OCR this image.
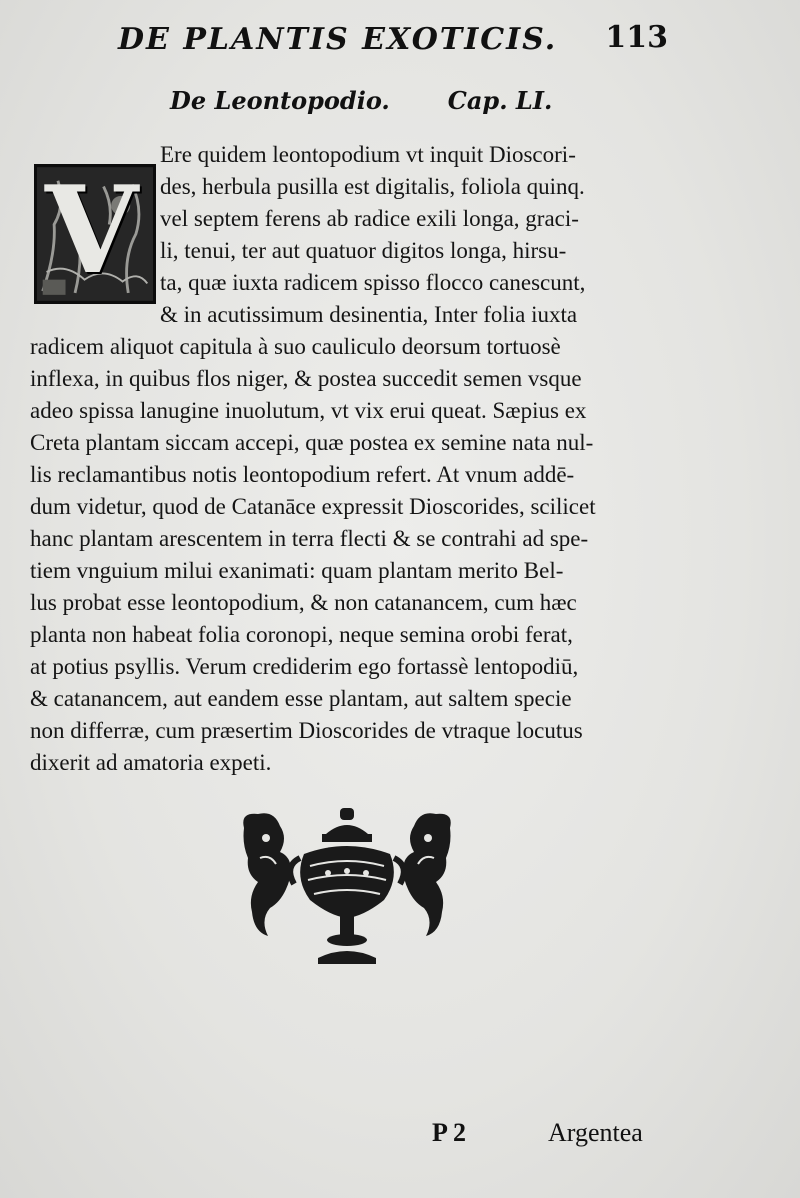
DE PLANTIS EXOTICIS. 113
De Leontopodio. Cap. LI.
V
Ere quidem leontopodium vt inquit Dioscori-
des, herbula pusilla est digitalis, foliola quinq.
vel septem ferens ab radice exili longa, graci-
li, tenui, ter aut quatuor digitos longa, hirsu-
ta, quæ iuxta radicem spisso flocco canescunt,
& in acutissimum desinentia, Inter folia iuxta
radicem aliquot capitula à suo cauliculo deorsum tortuosè
inflexa, in quibus flos niger, & postea succedit semen vsque
adeo spissa lanugine inuolutum, vt vix erui queat. Sæpius ex
Creta plantam siccam accepi, quæ postea ex semine nata nul-
lis reclamantibus notis leontopodium refert. At vnum addē-
dum videtur, quod de Catanāce expressit Dioscorides, scilicet
hanc plantam arescentem in terra flecti & se contrahi ad spe-
tiem vnguium milui exanimati: quam plantam merito Bel-
lus probat esse leontopodium, & non catanancem, cum hæc
planta non habeat folia coronopi, neque semina orobi ferat,
at potius psyllis. Verum crediderim ego fortassè lentopodiū,
& catanancem, aut eandem esse plantam, aut saltem specie
non differræ, cum præsertim Dioscorides de vtraque locutus
dixerit ad amatoria expeti.
P 2	Argentea
